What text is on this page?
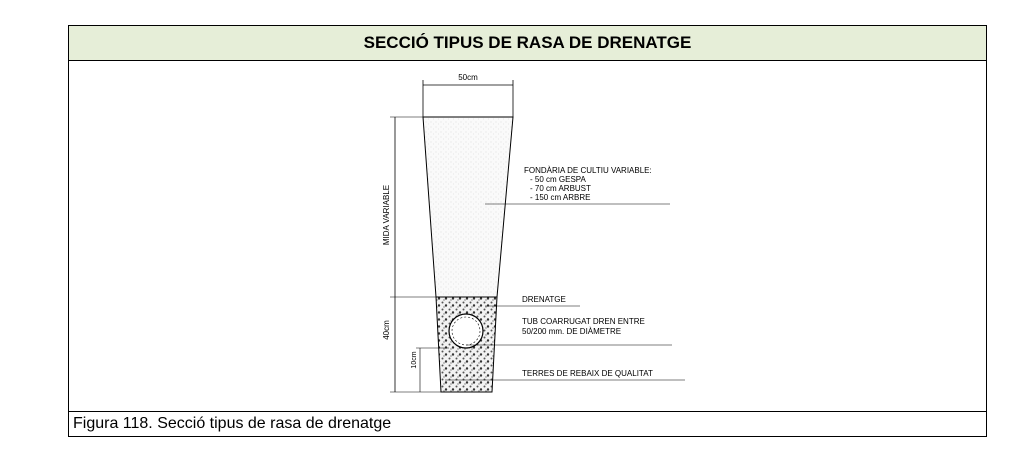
SECCIÓ TIPUS DE RASA DE DRENATGE
Figura 118. Secció tipus de rasa de drenatge
50cm
MIDA VARIABLE
40cm
10cm
FONDÀRIA DE CULTIU VARIABLE:
- 50 cm GESPA
- 70 cm ARBUST
- 150 cm ARBRE
DRENATGE
TUB COARRUGAT DREN ENTRE
50/200 mm. DE DIÀMETRE
TERRES DE REBAIX DE QUALITAT
